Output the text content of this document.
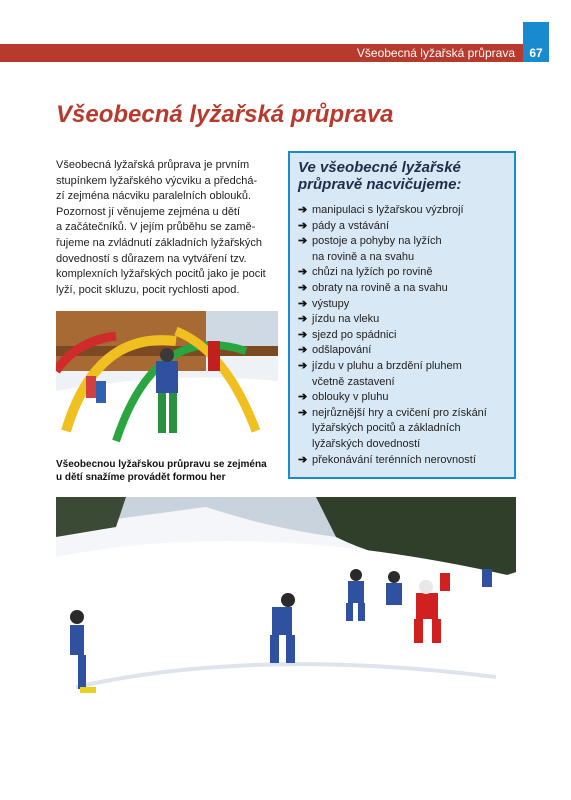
Všeobecná lyžařská průprava	67
Všeobecná lyžařská průprava

Všeobecná lyžařská průprava je prvním
stupínkem lyžařského výcviku a předchá-
zí zejména nácviku paralelních oblouků.
Pozornost jí věnujeme zejména u dětí
a začátečníků. V jejím průběhu se zamě-
řujeme na zvládnutí základních lyžařských
dovedností s důrazem na vytváření tzv.
komplexních lyžařských pocitů jako je pocit
lyží, pocit skluzu, pocit rychlosti apod.

Všeobecnou lyžařskou průpravu se zejména
u dětí snažíme provádět formou her

Ve všeobecné lyžařské
průpravě nacvičujeme:
➔ manipulaci s lyžařskou výzbrojí
➔ pády a vstávání
➔ postoje a pohyby na lyžích
na rovině a na svahu
➔ chůzi na lyžích po rovině
➔ obraty na rovině a na svahu
➔ výstupy
➔ jízdu na vleku
➔ sjezd po spádnici
➔ odšlapování
➔ jízdu v pluhu a brzdění pluhem
včetně zastavení
➔ oblouky v pluhu
➔ nejrůznější hry a cvičení pro získání
lyžařských pocitů a základních
lyžařských dovedností
➔ překonávání terénních nerovností
